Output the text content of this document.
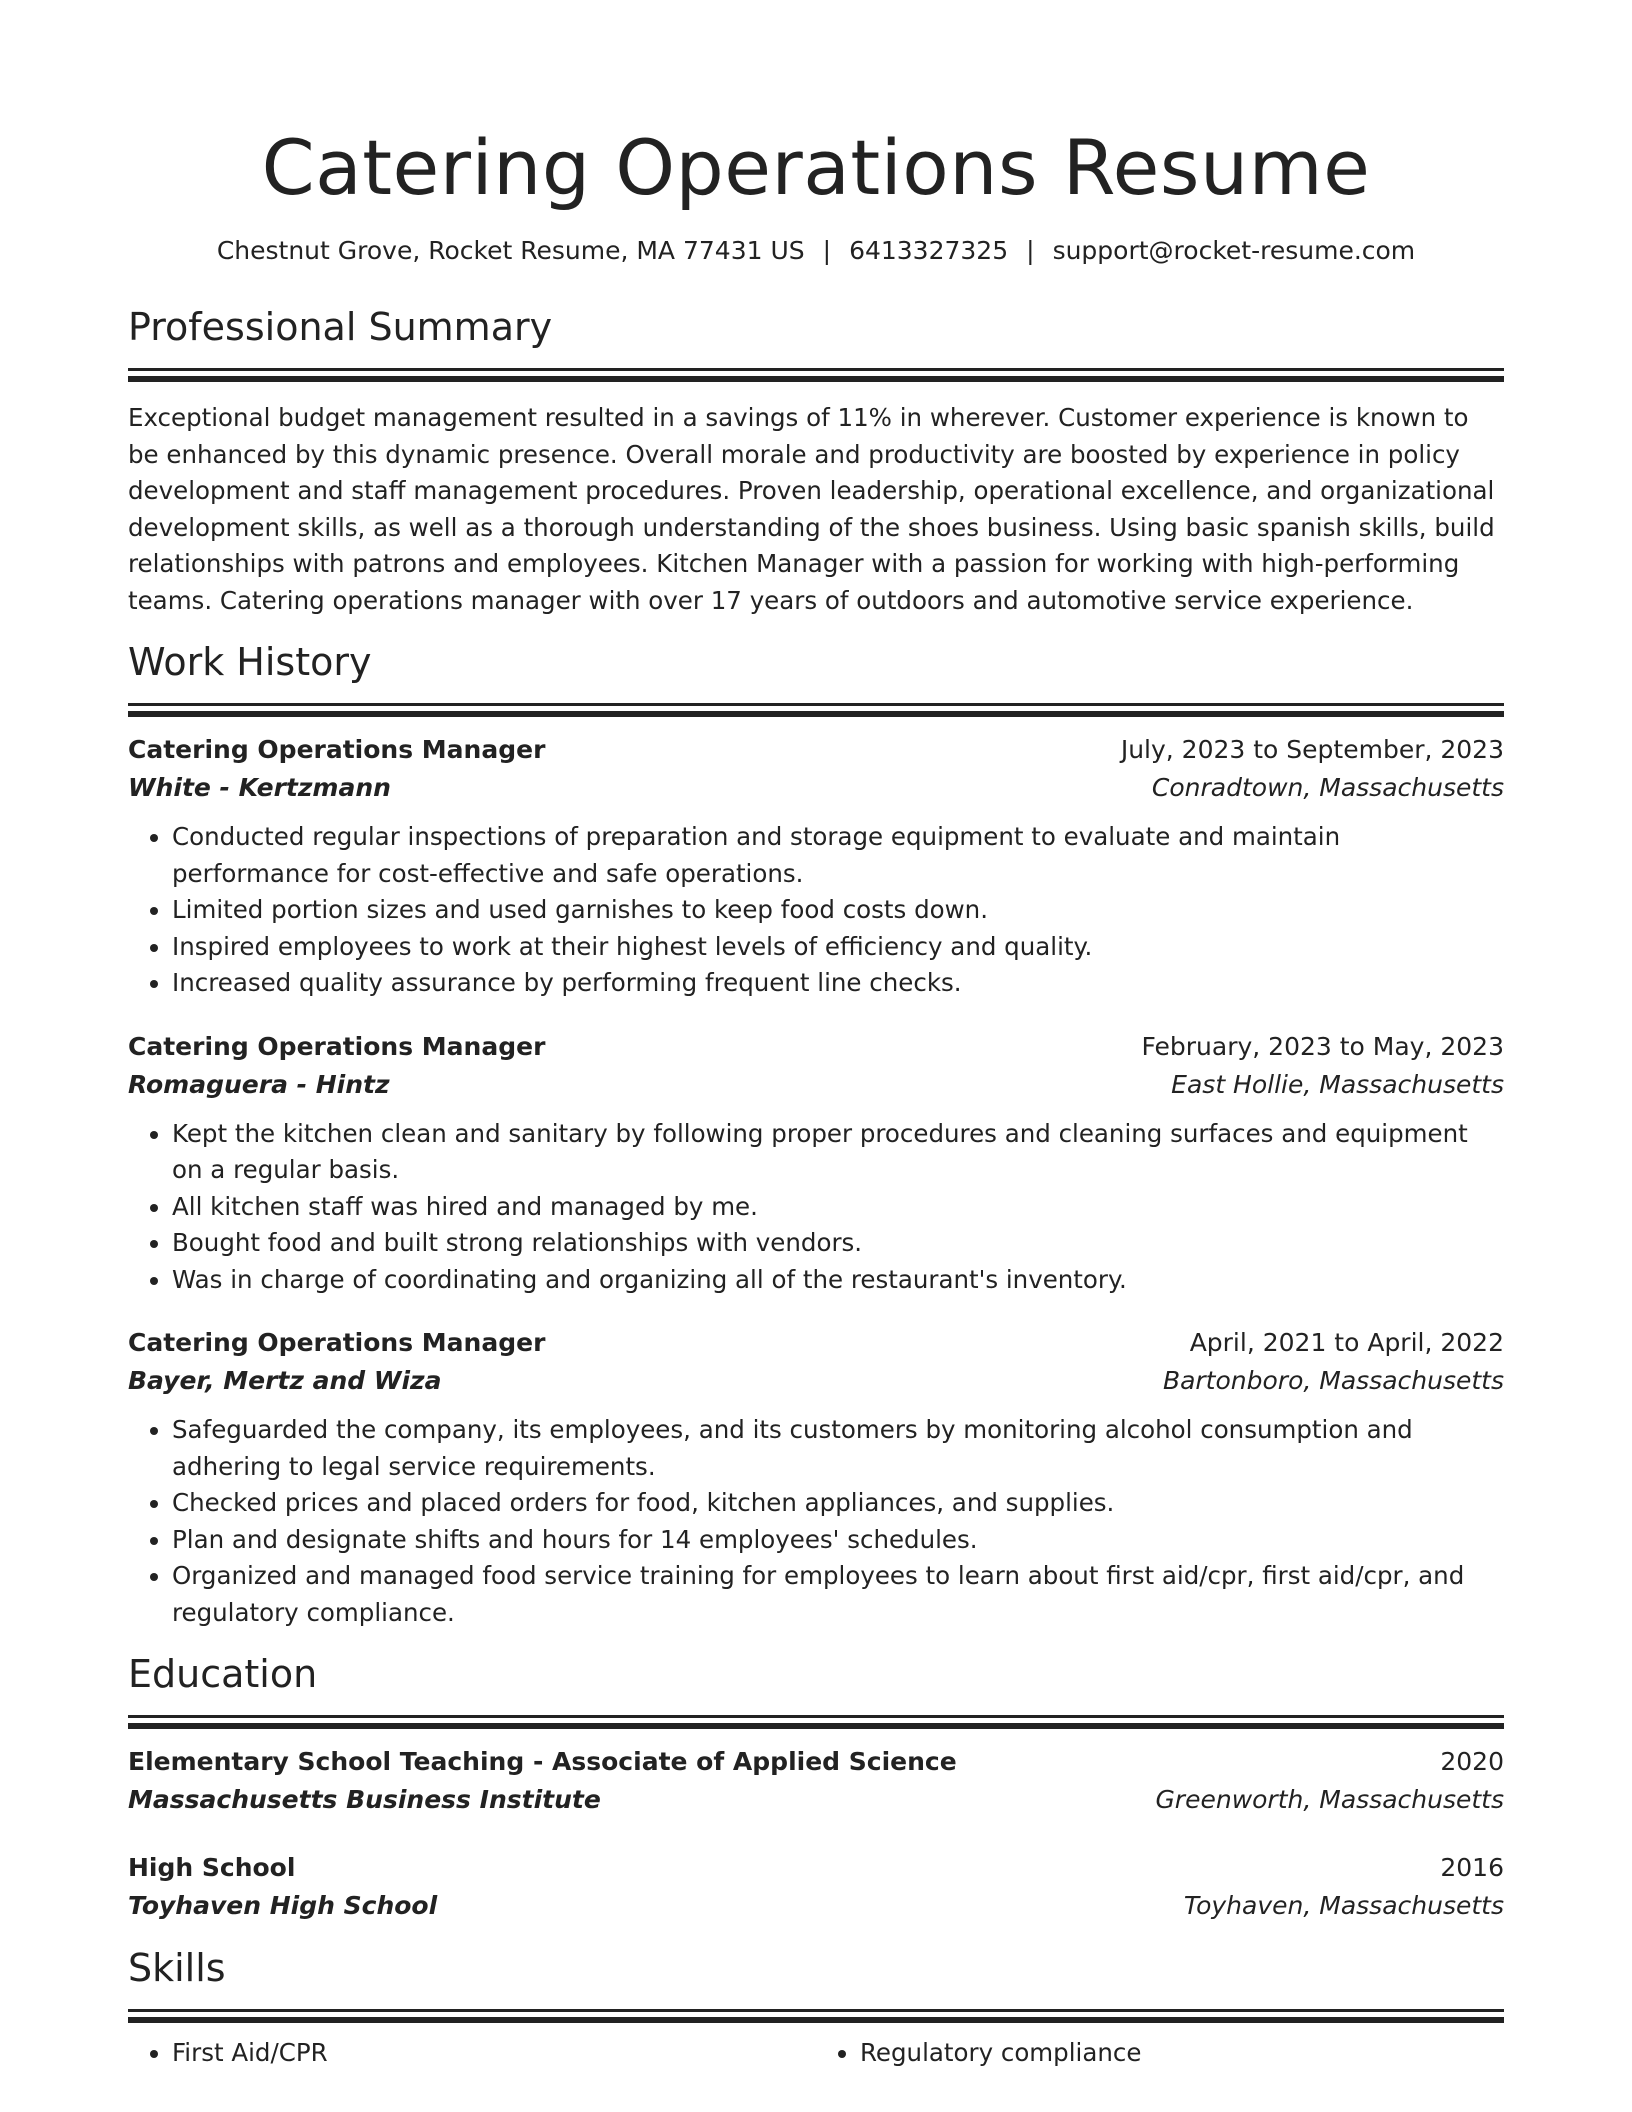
Catering Operations Resume
Chestnut Grove, Rocket Resume, MA 77431 US | 6413327325 | support@rocket-resume.com
Professional Summary
Exceptional budget management resulted in a savings of 11% in wherever. Customer experience is known to be enhanced by this dynamic presence. Overall morale and productivity are boosted by experience in policy development and staff management procedures. Proven leadership, operational excellence, and organizational development skills, as well as a thorough understanding of the shoes business. Using basic spanish skills, build relationships with patrons and employees. Kitchen Manager with a passion for working with high-performing teams. Catering operations manager with over 17 years of outdoors and automotive service experience.
Work History
Catering Operations Manager	July, 2023 to September, 2023
White - Kertzmann	Conradtown, Massachusetts
• Conducted regular inspections of preparation and storage equipment to evaluate and maintain performance for cost-effective and safe operations.
• Limited portion sizes and used garnishes to keep food costs down.
• Inspired employees to work at their highest levels of efficiency and quality.
• Increased quality assurance by performing frequent line checks.
Catering Operations Manager	February, 2023 to May, 2023
Romaguera - Hintz	East Hollie, Massachusetts
• Kept the kitchen clean and sanitary by following proper procedures and cleaning surfaces and equipment on a regular basis.
• All kitchen staff was hired and managed by me.
• Bought food and built strong relationships with vendors.
• Was in charge of coordinating and organizing all of the restaurant's inventory.
Catering Operations Manager	April, 2021 to April, 2022
Bayer, Mertz and Wiza	Bartonboro, Massachusetts
• Safeguarded the company, its employees, and its customers by monitoring alcohol consumption and adhering to legal service requirements.
• Checked prices and placed orders for food, kitchen appliances, and supplies.
• Plan and designate shifts and hours for 14 employees' schedules.
• Organized and managed food service training for employees to learn about first aid/cpr, first aid/cpr, and regulatory compliance.
Education
Elementary School Teaching - Associate of Applied Science	2020
Massachusetts Business Institute	Greenworth, Massachusetts
High School	2016
Toyhaven High School	Toyhaven, Massachusetts
Skills
• First Aid/CPR
•	Regulatory compliance
